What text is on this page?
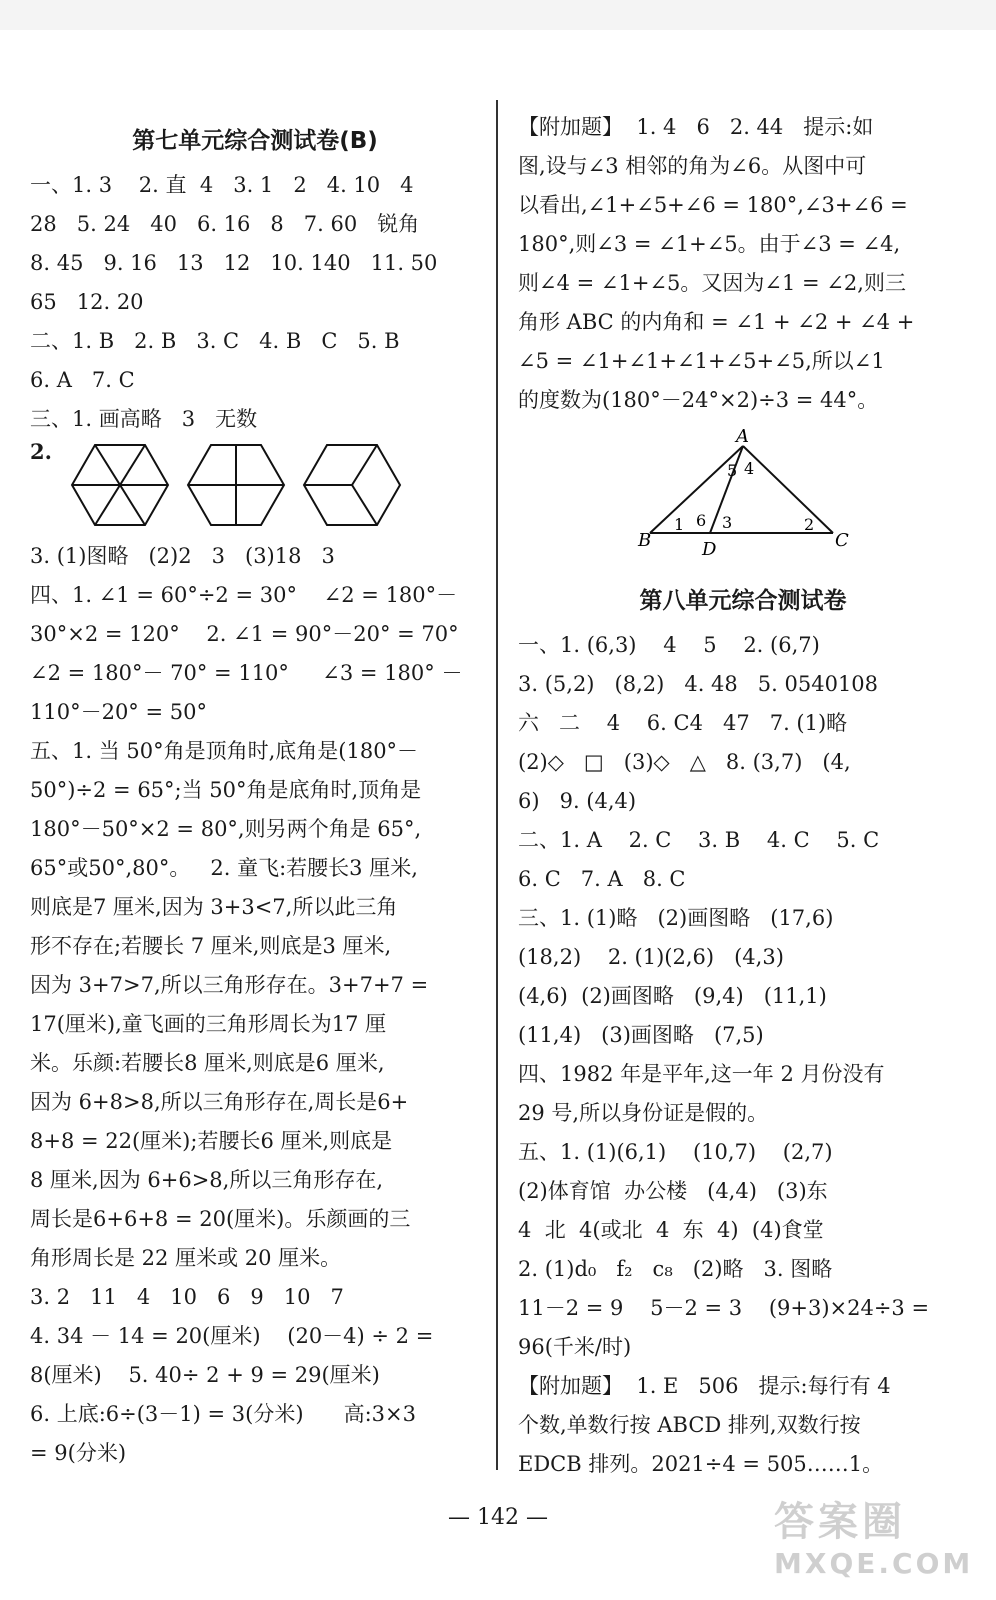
第七单元综合测试卷(B)
一、1. 3    2. 直  4   3. 1   2   4. 10   4
28   5. 24   40   6. 16   8   7. 60   锐角
8. 45   9. 16   13   12   10. 140   11. 50
65   12. 20
二、1. B   2. B   3. C   4. B   C   5. B
6. A   7. C
三、1. 画高略   3   无数
2.
3. (1)图略   (2)2   3   (3)18   3
四、1. ∠1 = 60°÷2 = 30°    ∠2 = 180°－
30°×2 = 120°    2. ∠1 = 90°－20° = 70°
∠2 = 180°－ 70° = 110°     ∠3 = 180° －
110°－20° = 50°
五、1. 当 50°角是顶角时,底角是(180°－
50°)÷2 = 65°;当 50°角是底角时,顶角是
180°－50°×2 = 80°,则另两个角是 65°,
65°或50°,80°。   2. 童飞:若腰长3 厘米,
则底是7 厘米,因为 3+3<7,所以此三角
形不存在;若腰长 7 厘米,则底是3 厘米,
因为 3+7>7,所以三角形存在。3+7+7 =
17(厘米),童飞画的三角形周长为17 厘
米。乐颜:若腰长8 厘米,则底是6 厘米,
因为 6+8>8,所以三角形存在,周长是6+
8+8 = 22(厘米);若腰长6 厘米,则底是
8 厘米,因为 6+6>8,所以三角形存在,
周长是6+6+8 = 20(厘米)。乐颜画的三
角形周长是 22 厘米或 20 厘米。
3. 2   11   4   10   6   9   10   7
4. 34 － 14 = 20(厘米)    (20－4) ÷ 2 =
8(厘米)    5. 40÷ 2 + 9 = 29(厘米)
6. 上底:6÷(3－1) = 3(分米)      高:3×3
= 9(分米)
【附加题】  1. 4   6   2. 44   提示:如
图,设与∠3 相邻的角为∠6。从图中可
以看出,∠1+∠5+∠6 = 180°,∠3+∠6 =
180°,则∠3 = ∠1+∠5。由于∠3 = ∠4,
则∠4 = ∠1+∠5。又因为∠1 = ∠2,则三
角形 ABC 的内角和 = ∠1 + ∠2 + ∠4 +
∠5 = ∠1+∠1+∠1+∠5+∠5,所以∠1
的度数为(180°－24°×2)÷3 = 44°。
B
A
C
D
1	2
3
4
5
6
第八单元综合测试卷
一、1. (6,3)    4    5    2. (6,7)
3. (5,2)   (8,2)   4. 48   5. 0540108
六   二    4    6. C4   47   7. (1)略
(2)◇   □   (3)◇   △   8. (3,7)   (4,
6)   9. (4,4)
二、1. A    2. C    3. B    4. C    5. C
6. C   7. A   8. C
三、1. (1)略   (2)画图略   (17,6)
(18,2)    2. (1)(2,6)   (4,3)
(4,6)  (2)画图略   (9,4)   (11,1)
(11,4)   (3)画图略   (7,5)
四、1982 年是平年,这一年 2 月份没有
29 号,所以身份证是假的。
五、1. (1)(6,1)    (10,7)    (2,7)
(2)体育馆  办公楼   (4,4)   (3)东
4  北  4(或北  4  东  4)  (4)食堂
2. (1)d₀   f₂   c₈   (2)略   3. 图略
11－2 = 9    5－2 = 3    (9+3)×24÷3 =
96(千米/时)
【附加题】  1. E   506   提示:每行有 4
个数,单数行按 ABCD 排列,双数行按
EDCB 排列。2021÷4 = 505……1。
— 142 —	答案圈
MXQE.COM
